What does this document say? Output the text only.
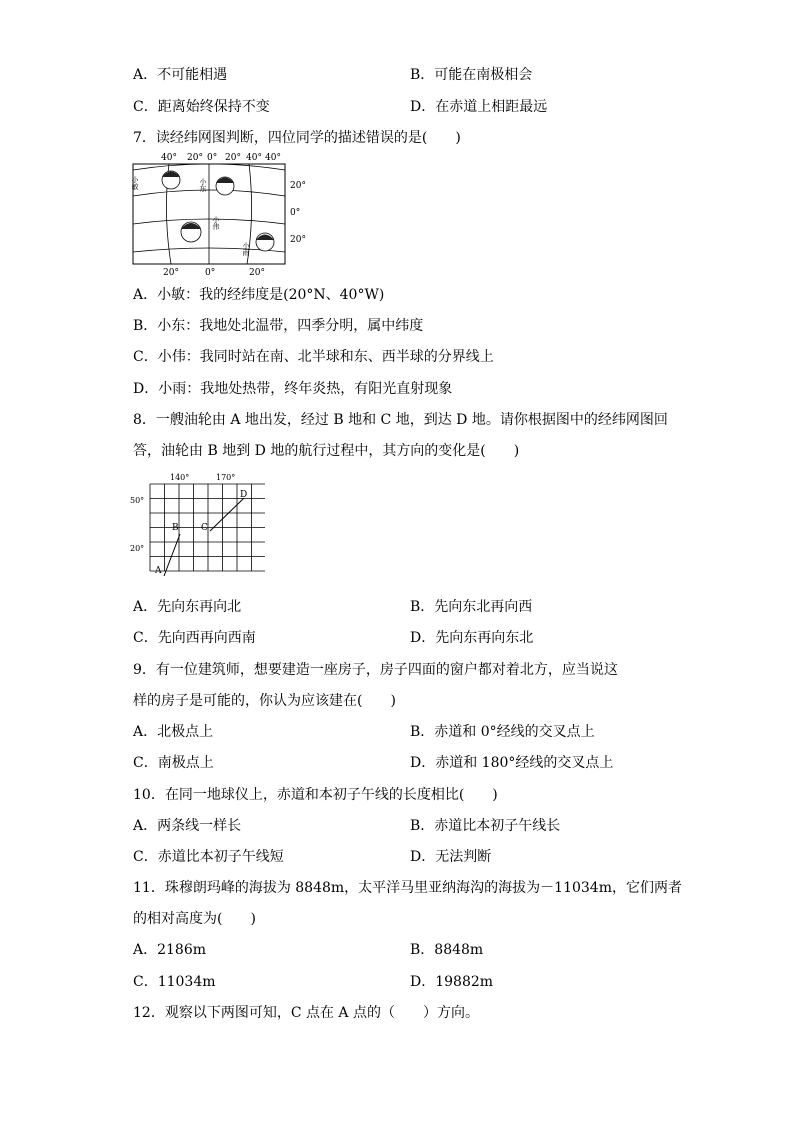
A．不可能相遇	B．可能在南极相会
C．距离始终保持不变	D．在赤道上相距最远
7．读经纬网图判断，四位同学的描述错误的是(　　)
40° 20° 0° 20° 40° 40°
20°
0°
20°
20°	0°	20°
小敏	小东
小伟
小雨
A．小敏：我的经纬度是(20°N、40°W)
B．小东：我地处北温带，四季分明，属中纬度
C．小伟：我同时站在南、北半球和东、西半球的分界线上
D．小雨：我地处热带，终年炎热，有阳光直射现象
8．一艘油轮由 A 地出发，经过 B 地和 C 地，到达 D 地。请你根据图中的经纬网图回
答，油轮由 B 地到 D 地的航行过程中，其方向的变化是(　　)
140°	170°
50°
20°
A
B C
D
A．先向东再向北	B．先向东北再向西
C．先向西再向西南	D．先向东再向东北
9．有一位建筑师，想要建造一座房子，房子四面的窗户都对着北方，应当说这
样的房子是可能的，你认为应该建在(　　)
A．北极点上	B．赤道和 0°经线的交叉点上
C．南极点上	D．赤道和 180°经线的交叉点上
10．在同一地球仪上，赤道和本初子午线的长度相比(　　)
A．两条线一样长	B．赤道比本初子午线长
C．赤道比本初子午线短	D．无法判断
11．珠穆朗玛峰的海拔为 8848m，太平洋马里亚纳海沟的海拔为－11034m，它们两者
的相对高度为(　　)
A．2186m	B．8848m
C．11034m	D．19882m
12．观察以下两图可知，C 点在 A 点的（　　）方向。
